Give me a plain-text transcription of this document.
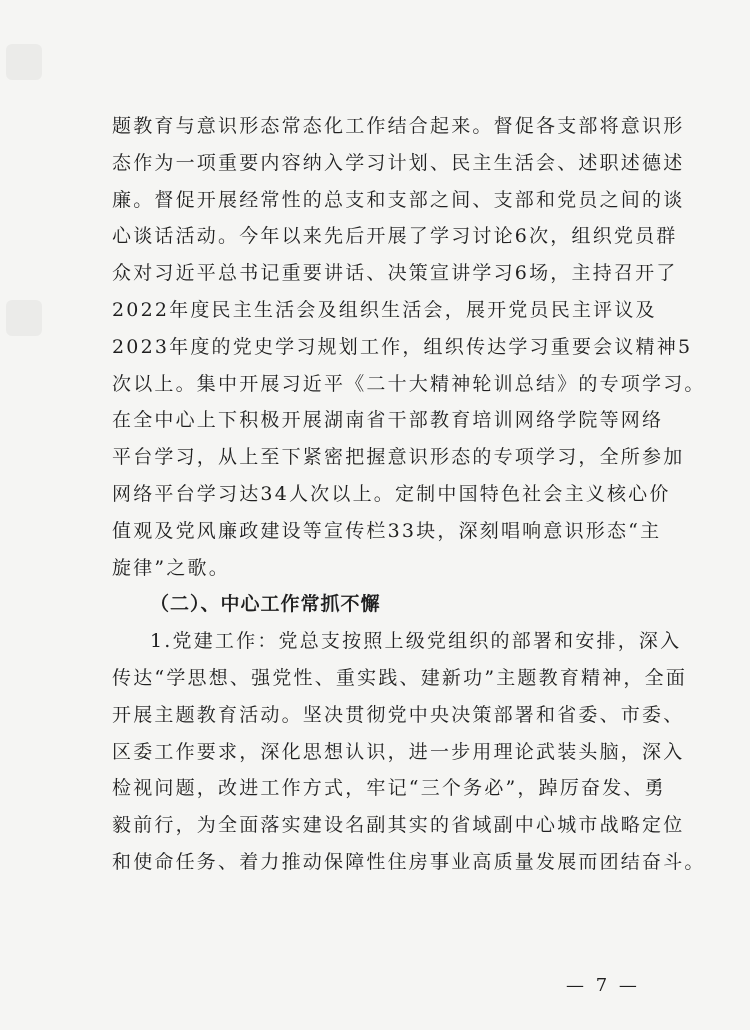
题教育与意识形态常态化工作结合起来。督促各支部将意识形
态作为一项重要内容纳入学习计划、民主生活会、述职述德述
廉。督促开展经常性的总支和支部之间、支部和党员之间的谈
心谈话活动。今年以来先后开展了学习讨论6次，组织党员群
众对习近平总书记重要讲话、决策宣讲学习6场，主持召开了
2022年度民主生活会及组织生活会，展开党员民主评议及
2023年度的党史学习规划工作，组织传达学习重要会议精神5
次以上。集中开展习近平《二十大精神轮训总结》的专项学习。
在全中心上下积极开展湖南省干部教育培训网络学院等网络
平台学习，从上至下紧密把握意识形态的专项学习，全所参加
网络平台学习达34人次以上。定制中国特色社会主义核心价
值观及党风廉政建设等宣传栏33块，深刻唱响意识形态“主
旋律”之歌。
（二）、中心工作常抓不懈
1.党建工作：党总支按照上级党组织的部署和安排，深入
传达“学思想、强党性、重实践、建新功”主题教育精神，全面
开展主题教育活动。坚决贯彻党中央决策部署和省委、市委、
区委工作要求，深化思想认识，进一步用理论武装头脑，深入
检视问题，改进工作方式，牢记“三个务必”，踔厉奋发、勇
毅前行，为全面落实建设名副其实的省域副中心城市战略定位
和使命任务、着力推动保障性住房事业高质量发展而团结奋斗。
— 7 —
